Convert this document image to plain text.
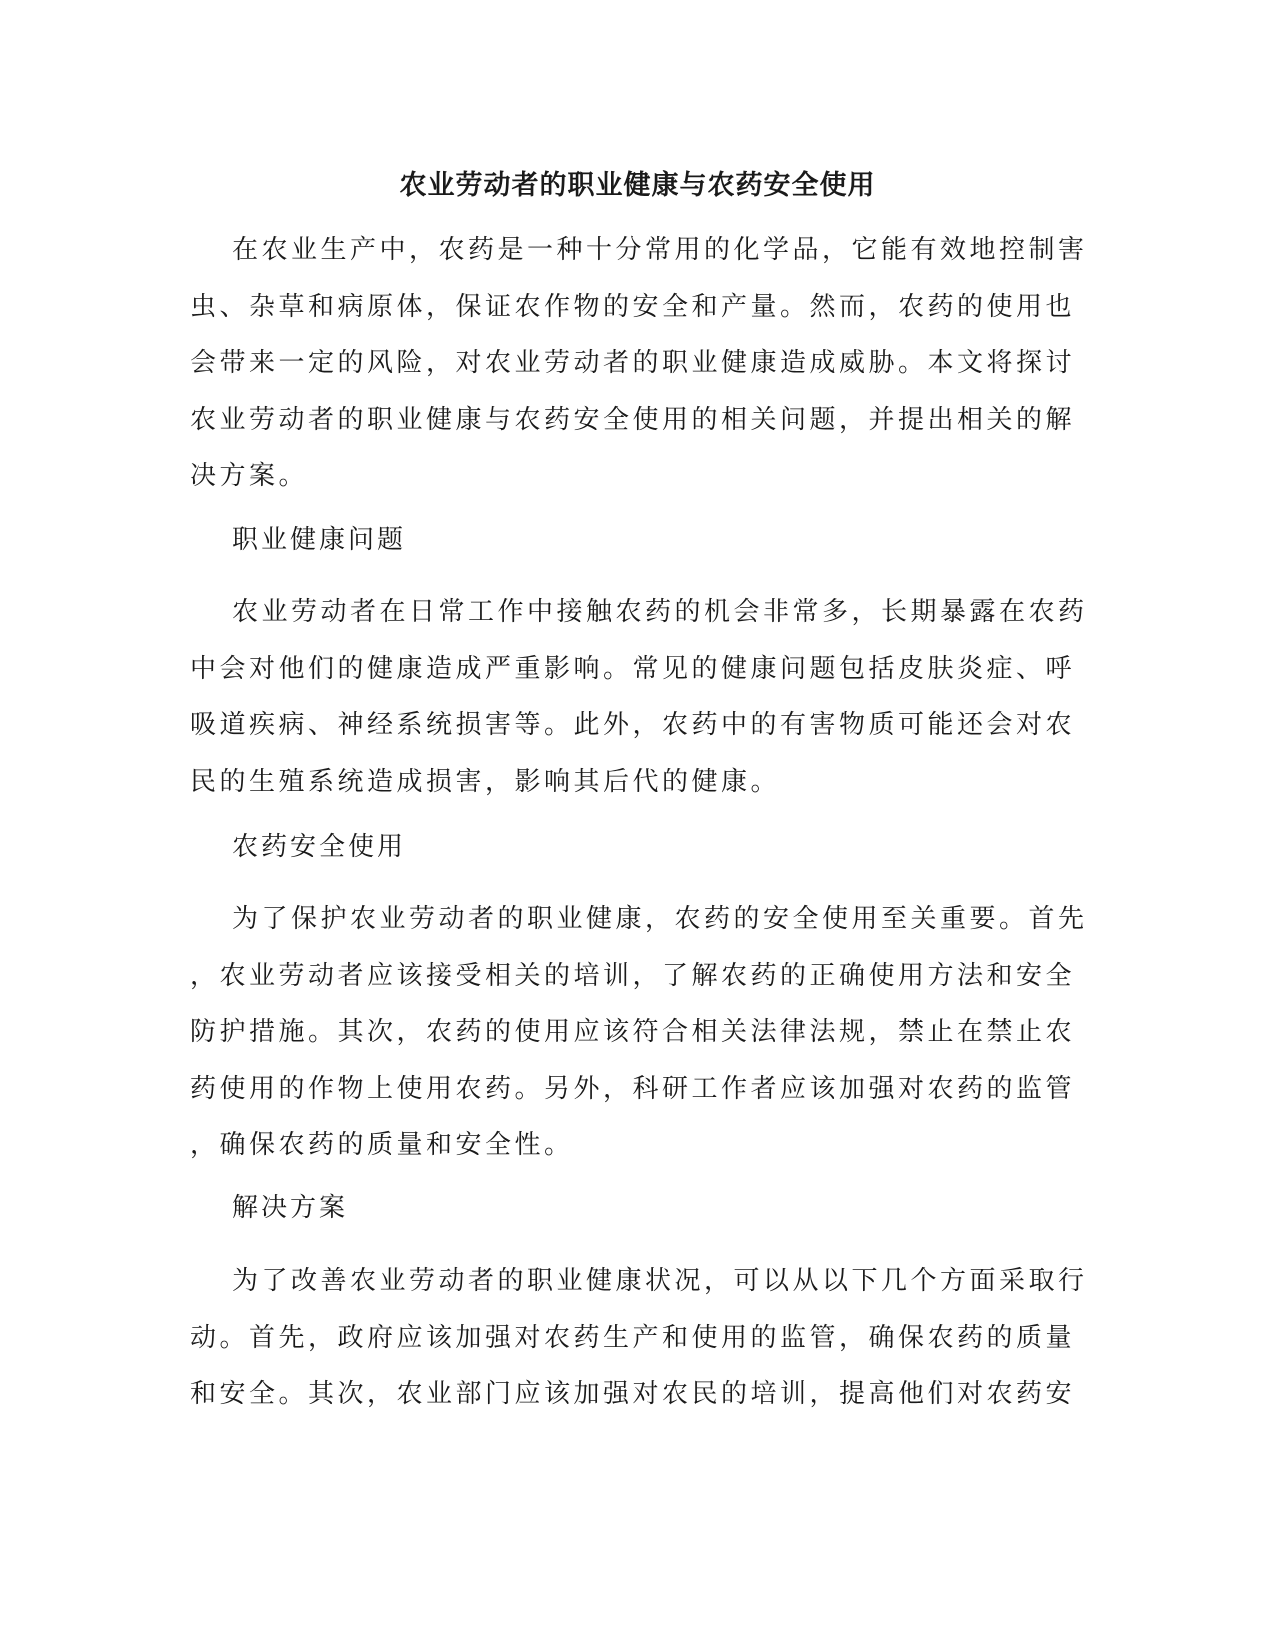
农业劳动者的职业健康与农药安全使用
在农业生产中，农药是一种十分常用的化学品，它能有效地控制害
虫、杂草和病原体，保证农作物的安全和产量。然而，农药的使用也
会带来一定的风险，对农业劳动者的职业健康造成威胁。本文将探讨
农业劳动者的职业健康与农药安全使用的相关问题，并提出相关的解
决方案。
职业健康问题
农业劳动者在日常工作中接触农药的机会非常多，长期暴露在农药
中会对他们的健康造成严重影响。常见的健康问题包括皮肤炎症、呼
吸道疾病、神经系统损害等。此外，农药中的有害物质可能还会对农
民的生殖系统造成损害，影响其后代的健康。
农药安全使用
为了保护农业劳动者的职业健康，农药的安全使用至关重要。首先
，农业劳动者应该接受相关的培训，了解农药的正确使用方法和安全
防护措施。其次，农药的使用应该符合相关法律法规，禁止在禁止农
药使用的作物上使用农药。另外，科研工作者应该加强对农药的监管
，确保农药的质量和安全性。
解决方案
为了改善农业劳动者的职业健康状况，可以从以下几个方面采取行
动。首先，政府应该加强对农药生产和使用的监管，确保农药的质量
和安全。其次，农业部门应该加强对农民的培训，提高他们对农药安
